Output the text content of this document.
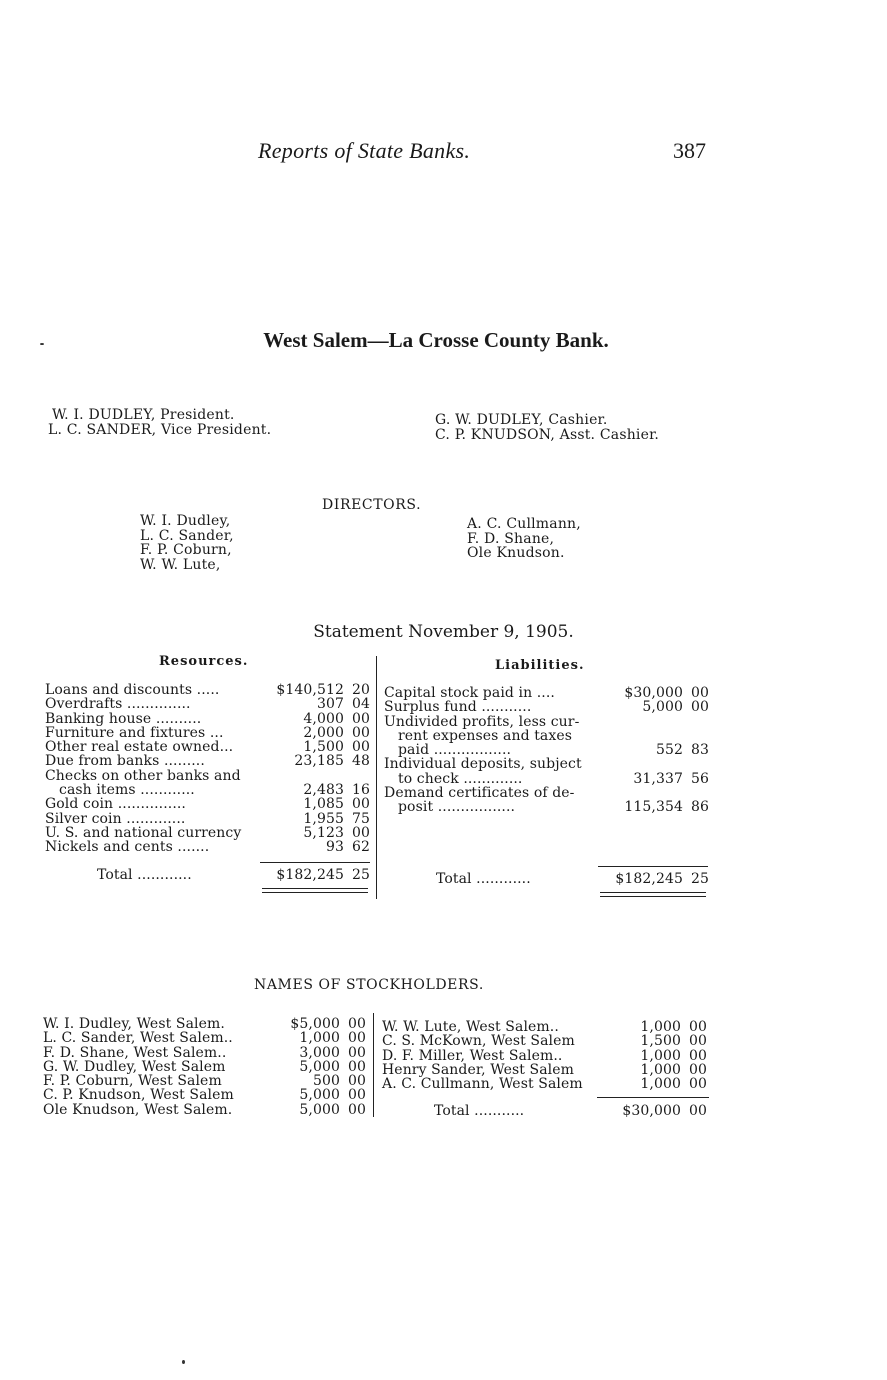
Reports of State Banks.	387
West Salem—La Crosse County Bank.
W. I. DUDLEY, President.
L. C. SANDER, Vice President.
G. W. DUDLEY, Cashier.
C. P. KNUDSON, Asst. Cashier.
DIRECTORS.
W. I. Dudley,
L. C. Sander,
F. P. Coburn,
W. W. Lute,
A. C. Cullmann,
F. D. Shane,
Ole Knudson.
Statement November 9, 1905.
Resources.	Liabilities.
Loans and discounts .....	$140,512 20
Overdrafts ..............	307 04
Banking house ..........	4,000 00
Furniture and fixtures ...	2,000 00
Other real estate owned...	1,500 00
Due from banks .........	23,185 48
Checks on other banks and
cash items ............	2,483 16
Gold coin ...............	1,085 00
Silver coin .............	1,955 75
U. S. and national currency	5,123 00
Nickels and cents .......	93 62
Capital stock paid in ....	$30,000 00
Surplus fund ...........	5,000 00
Undivided profits, less cur-
rent expenses and taxes
paid .................	552 83
Individual deposits, subject
to check .............	31,337 56
Demand certificates of de-
posit .................	115,354 86
Total ............	$182,245 25	Total ............	$182,245 25
NAMES OF STOCKHOLDERS.
W. I. Dudley, West Salem.	$5,000 00
L. C. Sander, West Salem..	1,000 00
F. D. Shane, West Salem..	3,000 00
G. W. Dudley, West Salem	5,000 00
F. P. Coburn, West Salem	500 00
C. P. Knudson, West Salem	5,000 00
Ole Knudson, West Salem.	5,000 00
W. W. Lute, West Salem..	1,000 00
C. S. McKown, West Salem	1,500 00
D. F. Miller, West Salem..	1,000 00
Henry Sander, West Salem	1,000 00
A. C. Cullmann, West Salem	1,000 00
Total ...........	$30,000 00
